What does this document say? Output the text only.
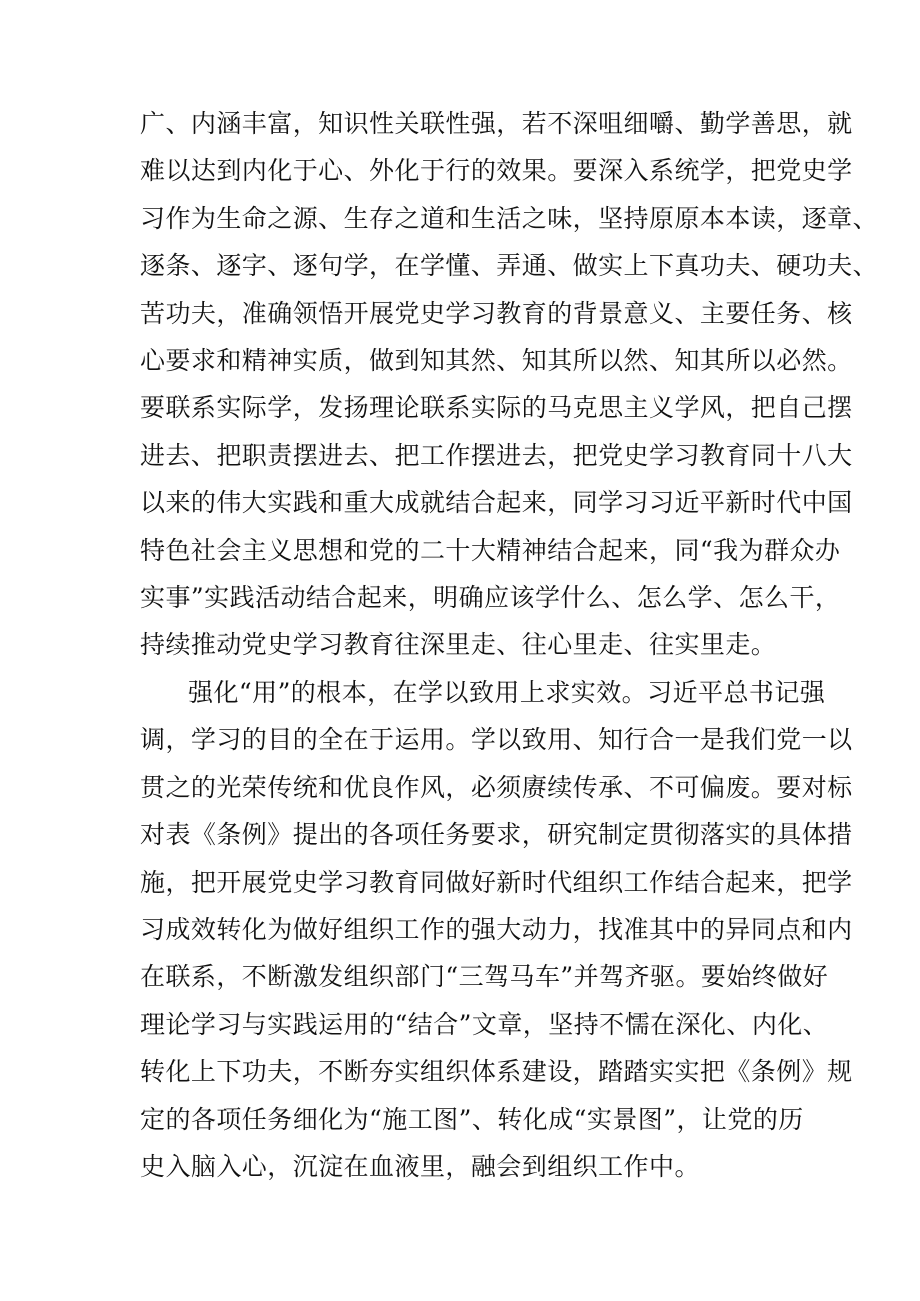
广、内涵丰富，知识性关联性强，若不深咀细嚼、勤学善思，就
难以达到内化于心、外化于行的效果。要深入系统学，把党史学
习作为生命之源、生存之道和生活之味，坚持原原本本读，逐章、
逐条、逐字、逐句学，在学懂、弄通、做实上下真功夫、硬功夫、
苦功夫，准确领悟开展党史学习教育的背景意义、主要任务、核
心要求和精神实质，做到知其然、知其所以然、知其所以必然。
要联系实际学，发扬理论联系实际的马克思主义学风，把自己摆
进去、把职责摆进去、把工作摆进去，把党史学习教育同十八大
以来的伟大实践和重大成就结合起来，同学习习近平新时代中国
特色社会主义思想和党的二十大精神结合起来，同“我为群众办
实事”实践活动结合起来，明确应该学什么、怎么学、怎么干，
持续推动党史学习教育往深里走、往心里走、往实里走。
强化“用”的根本，在学以致用上求实效。习近平总书记强
调，学习的目的全在于运用。学以致用、知行合一是我们党一以
贯之的光荣传统和优良作风，必须赓续传承、不可偏废。要对标
对表《条例》提出的各项任务要求，研究制定贯彻落实的具体措
施，把开展党史学习教育同做好新时代组织工作结合起来，把学
习成效转化为做好组织工作的强大动力，找准其中的异同点和内
在联系，不断激发组织部门“三驾马车”并驾齐驱。要始终做好
理论学习与实践运用的“结合”文章，坚持不懦在深化、内化、
转化上下功夫，不断夯实组织体系建设，踏踏实实把《条例》规
定的各项任务细化为“施工图”、转化成“实景图”，让党的历
史入脑入心，沉淀在血液里，融会到组织工作中。
